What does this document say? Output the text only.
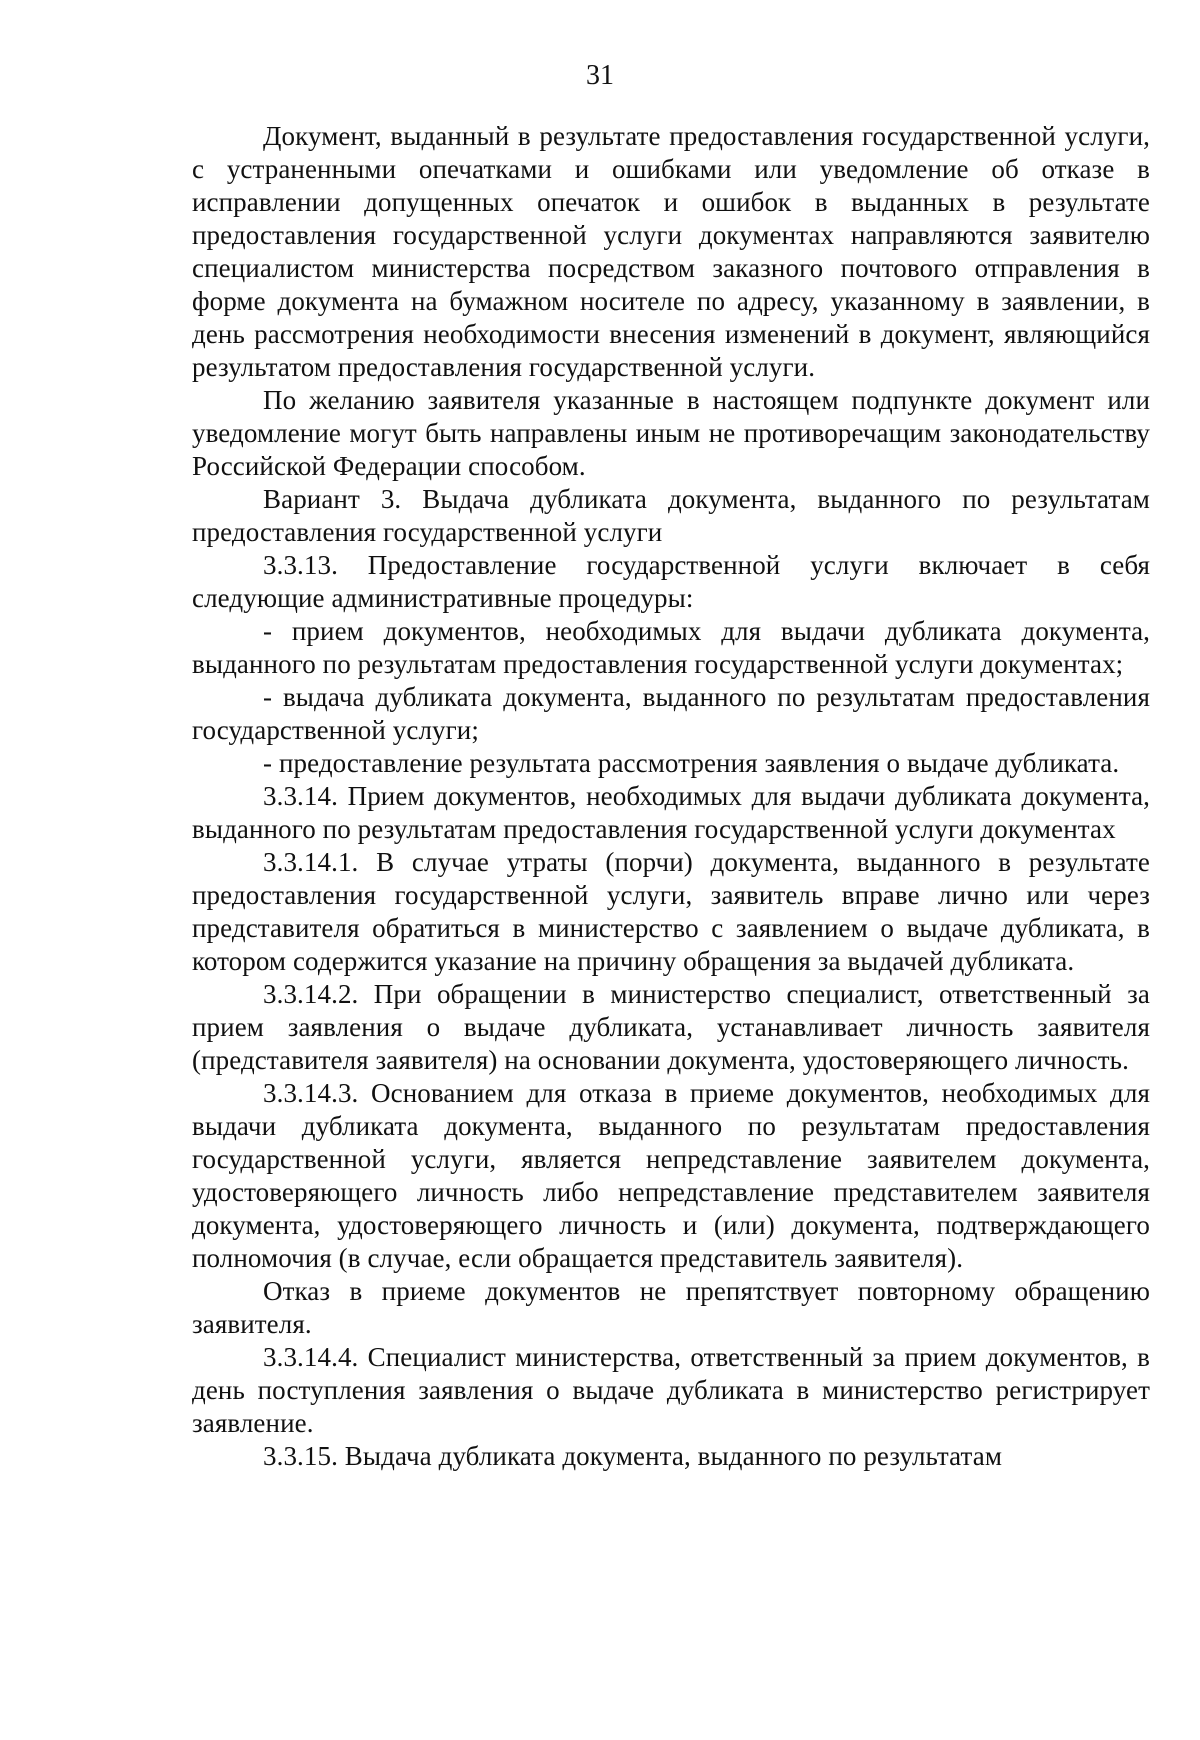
31

Документ, выданный в результате предоставления государственной услуги, с устраненными опечатками и ошибками или уведомление об отказе в исправлении допущенных опечаток и ошибок в выданных в результате предоставления государственной услуги документах направляются заявителю специалистом министерства посредством заказного почтового отправления в форме документа на бумажном носителе по адресу, указанному в заявлении, в день рассмотрения необходимости внесения изменений в документ, являющийся результатом предоставления государственной услуги.

По желанию заявителя указанные в настоящем подпункте документ или уведомление могут быть направлены иным не противоречащим законодательству Российской Федерации способом.

Вариант 3. Выдача дубликата документа, выданного по результатам предоставления государственной услуги

3.3.13. Предоставление государственной услуги включает в себя следующие административные процедуры:

- прием документов, необходимых для выдачи дубликата документа, выданного по результатам предоставления государственной услуги документах;

- выдача дубликата документа, выданного по результатам предоставления государственной услуги;

- предоставление результата рассмотрения заявления о выдаче дубликата.

3.3.14. Прием документов, необходимых для выдачи дубликата документа, выданного по результатам предоставления государственной услуги документах

3.3.14.1. В случае утраты (порчи) документа, выданного в результате предоставления государственной услуги, заявитель вправе лично или через представителя обратиться в министерство с заявлением о выдаче дубликата, в котором содержится указание на причину обращения за выдачей дубликата.

3.3.14.2. При обращении в министерство специалист, ответственный за прием заявления о выдаче дубликата, устанавливает личность заявителя (представителя заявителя) на основании документа, удостоверяющего личность.

3.3.14.3. Основанием для отказа в приеме документов, необходимых для выдачи дубликата документа, выданного по результатам предоставления государственной услуги, является непредставление заявителем документа, удостоверяющего личность либо непредставление представителем заявителя документа, удостоверяющего личность и (или) документа, подтверждающего полномочия (в случае, если обращается представитель заявителя).

Отказ в приеме документов не препятствует повторному обращению заявителя.

3.3.14.4. Специалист министерства, ответственный за прием документов, в день поступления заявления о выдаче дубликата в министерство регистрирует заявление.

3.3.15. Выдача дубликата документа, выданного по результатам
